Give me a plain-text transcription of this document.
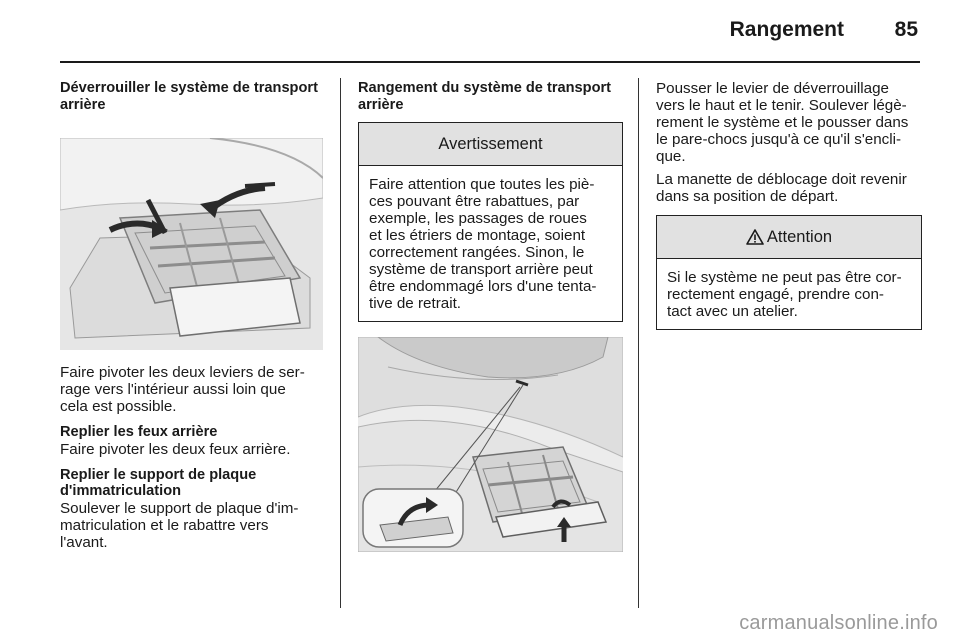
Rangement 85
Déverrouiller le système de transport
arrière
Faire pivoter les deux leviers de ser-
rage vers l'intérieur aussi loin que
cela est possible.
Replier les feux arrière
Faire pivoter les deux feux arrière.
Replier le support de plaque
d'immatriculation
Soulever le support de plaque d'im-
matriculation et le rabattre vers
l'avant.
Rangement du système de transport
arrière
Avertissement
Faire attention que toutes les piè-
ces pouvant être rabattues, par
exemple, les passages de roues
et les étriers de montage, soient
correctement rangées. Sinon, le
système de transport arrière peut
être endommagé lors d'une tenta-
tive de retrait.
Pousser le levier de déverrouillage
vers le haut et le tenir. Soulever légè-
rement le système et le pousser dans
le pare-chocs jusqu'à ce qu'il s'encli-
que.
La manette de déblocage doit revenir
dans sa position de départ.
Attention
Si le système ne peut pas être cor-
rectement engagé, prendre con-
tact avec un atelier.
carmanualsonline.info
